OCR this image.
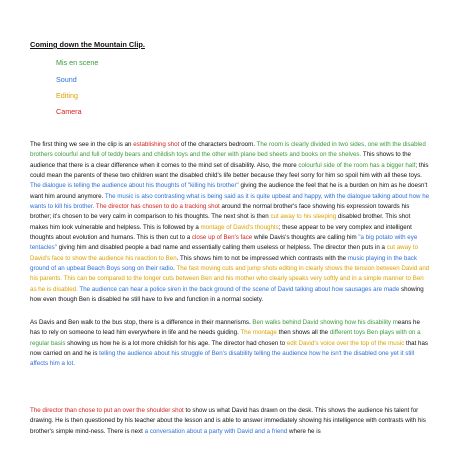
Coming down the Mountain Clip.
Mis en scene
Sound
Editing
Camera

The first thing we see in the clip is an establishing shot of the characters bedroom. The room is clearly divided in two sides, one with the disabled brothers colourful and full of teddy bears and childish toys and the other with plane bed sheets and books on the shelves. This shows to the audience that there is a clear difference when it comes to the mind set of disability. Also, the more colourful side of the room has a bigger half; this could mean the parents of these two children want the disabled child's life better because they feel sorry for him so spoil him with all these toys. The dialogue is telling the audience about his thoughts of "killing his brother" giving the audience the feel that he is a burden on him as he doesn't want him around anymore. The music is also contrasting what is being said as it is quite upbeat and happy, with the dialogue talking about how he wants to kill his brother. The director has chosen to do a tracking shot around the normal brother's face showing his expression towards his brother; it's chosen to be very calm in comparison to his thoughts. The next shot is then cut away to his sleeping disabled brother. This shot makes him look vulnerable and helpless. This is followed by a montage of David's thoughts; these appear to be very complex and intelligent thoughts about evolution and humans. This is then cut to a close up of Ben's face while Davis's thoughts are calling him "a big potato with eye tentacles" giving him and disabled people a bad name and essentially calling them useless or helpless. The director then puts in a cut away to David's face to show the audience his reaction to Ben. This shows him to not be impressed which contrasts with the music playing in the back ground of an upbeat Beach Boys song on their radio. The fast moving cuts and jump shots editing in clearly shows the tension between David and his parents. This can be compared to the longer cuts between Ben and his mother who clearly speaks very softly and in a simple manner to Ben as he is disabled. The audience can hear a police siren in the back ground of the scene of David talking about how sausages are made showing how even though Ben is disabled he still have to live and function in a normal society.

As Davis and Ben walk to the bus stop, there is a difference in their mannerisms. Ben walks behind David showing how his disability means he has to rely on someone to lead him everywhere in life and he needs guiding. The montage then shows all the different toys Ben plays with on a regular basis showing us how he is a lot more childish for his age. The director had chosen to edit David's voice over the top of the music that has now carried on and he is telling the audience about his struggle of Ben's disability telling the audience how he isn't the disabled one yet it still affects him a lot.

The director than chose to put an over the shoulder shot to show us what David has drawn on the desk. This shows the audience his talent for drawing. He is then questioned by his teacher about the lesson and is able to answer immediately showing his intelligence with contrasts with his brother's simple mind-ness. There is next a conversation about a party with David and a friend where he is
